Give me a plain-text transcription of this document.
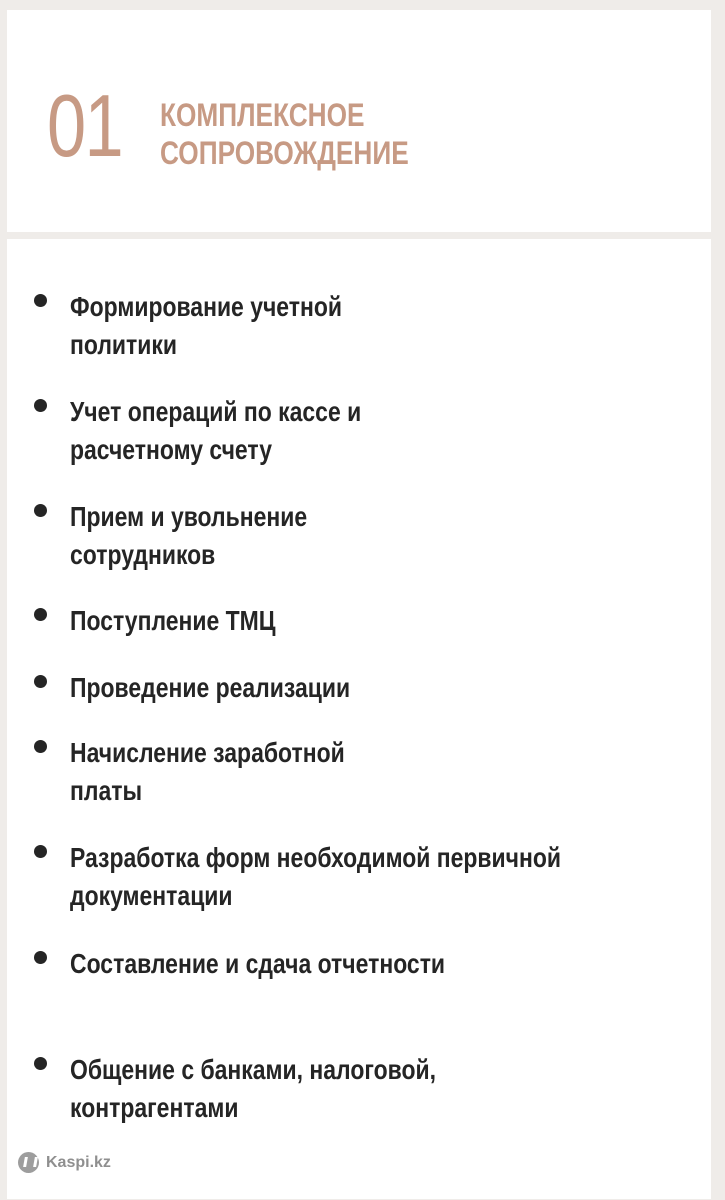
01 КОМПЛЕКСНОЕ СОПРОВОЖДЕНИЕ
Формирование учетной
политики
Учет операций по кассе и
расчетному счету
Прием и увольнение
сотрудников
Поступление ТМЦ
Проведение реализации
Начисление заработной
платы
Разработка форм необходимой первичной
документации
Составление и сдача отчетности
Общение с банками, налоговой,
контрагентами
Kaspi.kz
